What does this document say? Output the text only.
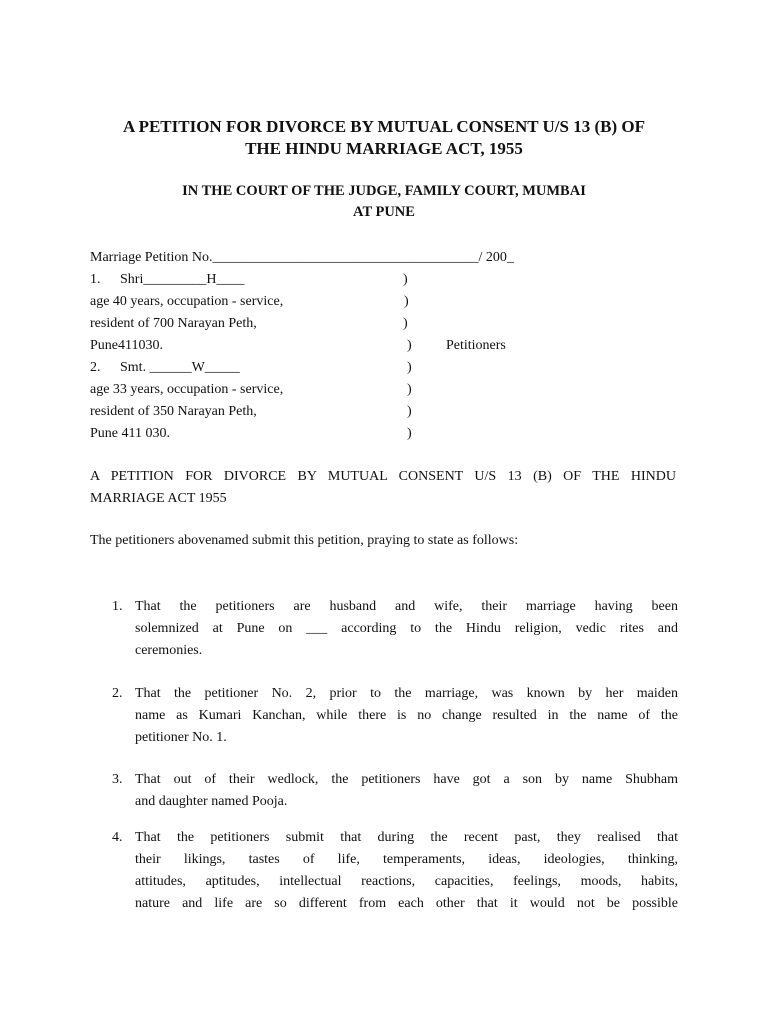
A PETITION FOR DIVORCE BY MUTUAL CONSENT U/S 13 (B) OF
THE HINDU MARRIAGE ACT, 1955
IN THE COURT OF THE JUDGE, FAMILY COURT, MUMBAI
AT PUNE
Marriage Petition No.______________________________________/ 200_
1. Shri_________H____	)
age 40 years, occupation - service,	)
resident of 700 Narayan Peth,	)
Pune411030.	) Petitioners
2. Smt. ______W_____	)
age 33 years, occupation - service,	)
resident of 350 Narayan Peth,	)
Pune 411 030.	)
A PETITION FOR DIVORCE BY MUTUAL CONSENT U/S 13 (B) OF THE HINDU
MARRIAGE ACT 1955
The petitioners abovenamed submit this petition, praying to state as follows:
1. That the petitioners are husband and wife, their marriage having been
solemnized at Pune on ___ according to the Hindu religion, vedic rites and
ceremonies.
2. That the petitioner No. 2, prior to the marriage, was known by her maiden
name as Kumari Kanchan, while there is no change resulted in the name of the
petitioner No. 1.
3. That out of their wedlock, the petitioners have got a son by name Shubham
and daughter named Pooja.
4. That the petitioners submit that during the recent past, they realised that
their likings, tastes of life, temperaments, ideas, ideologies, thinking,
attitudes, aptitudes, intellectual reactions, capacities, feelings, moods, habits,
nature and life are so different from each other that it would not be possible
